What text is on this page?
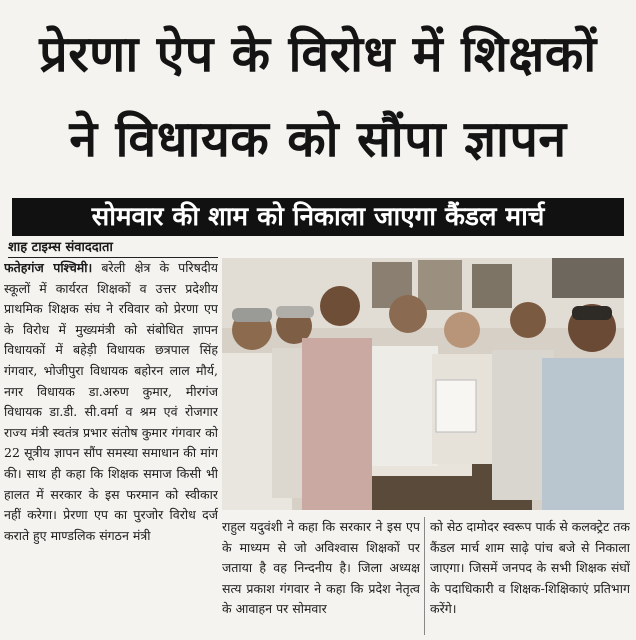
प्रेरणा ऐप के विरोध में शिक्षकों
ने विधायक को सौंपा ज्ञापन
सोमवार की शाम को निकाला जाएगा कैंडल मार्च
शाह टाइम्स संवाददाता

फतेहगंज पश्चिमी। बरेली क्षेत्र के परिषदीय स्कूलों में कार्यरत शिक्षकों व उत्तर प्रदेशीय प्राथमिक शिक्षक संघ ने रविवार को प्रेरणा एप के विरोध में मुख्यमंत्री को संबोधित ज्ञापन विधायकों में बहेड़ी विधायक छत्रपाल सिंह गंगवार, भोजीपुरा विधायक बहोरन लाल मौर्य, नगर विधायक डा.अरुण कुमार, मीरगंज विधायक डा.डी. सी.वर्मा व श्रम एवं रोजगार राज्य मंत्री स्वतंत्र प्रभार संतोष कुमार गंगवार को 22 सूत्रीय ज्ञापन सौंप समस्या समाधान की मांग की। साथ ही कहा कि शिक्षक समाज किसी भी हालत में सरकार के इस फरमान को स्वीकार नहीं करेगा। प्रेरणा एप का पुरजोर विरोध दर्ज कराते हुए माण्डलिक संगठन मंत्री

राहुल यदुवंशी ने कहा कि सरकार ने इस एप के माध्यम से जो अविश्वास शिक्षकों पर जताया है वह निन्दनीय है। जिला अध्यक्ष सत्य प्रकाश गंगवार ने कहा कि प्रदेश नेतृत्व के आवाहन पर सोमवार

को सेठ दामोदर स्वरूप पार्क से कलक्ट्रेट तक कैंडल मार्च शाम साढ़े पांच बजे से निकाला जाएगा। जिसमें जनपद के सभी शिक्षक संघों के पदाधिकारी व शिक्षक-शिक्षिकाएं प्रतिभाग करेंगे।
